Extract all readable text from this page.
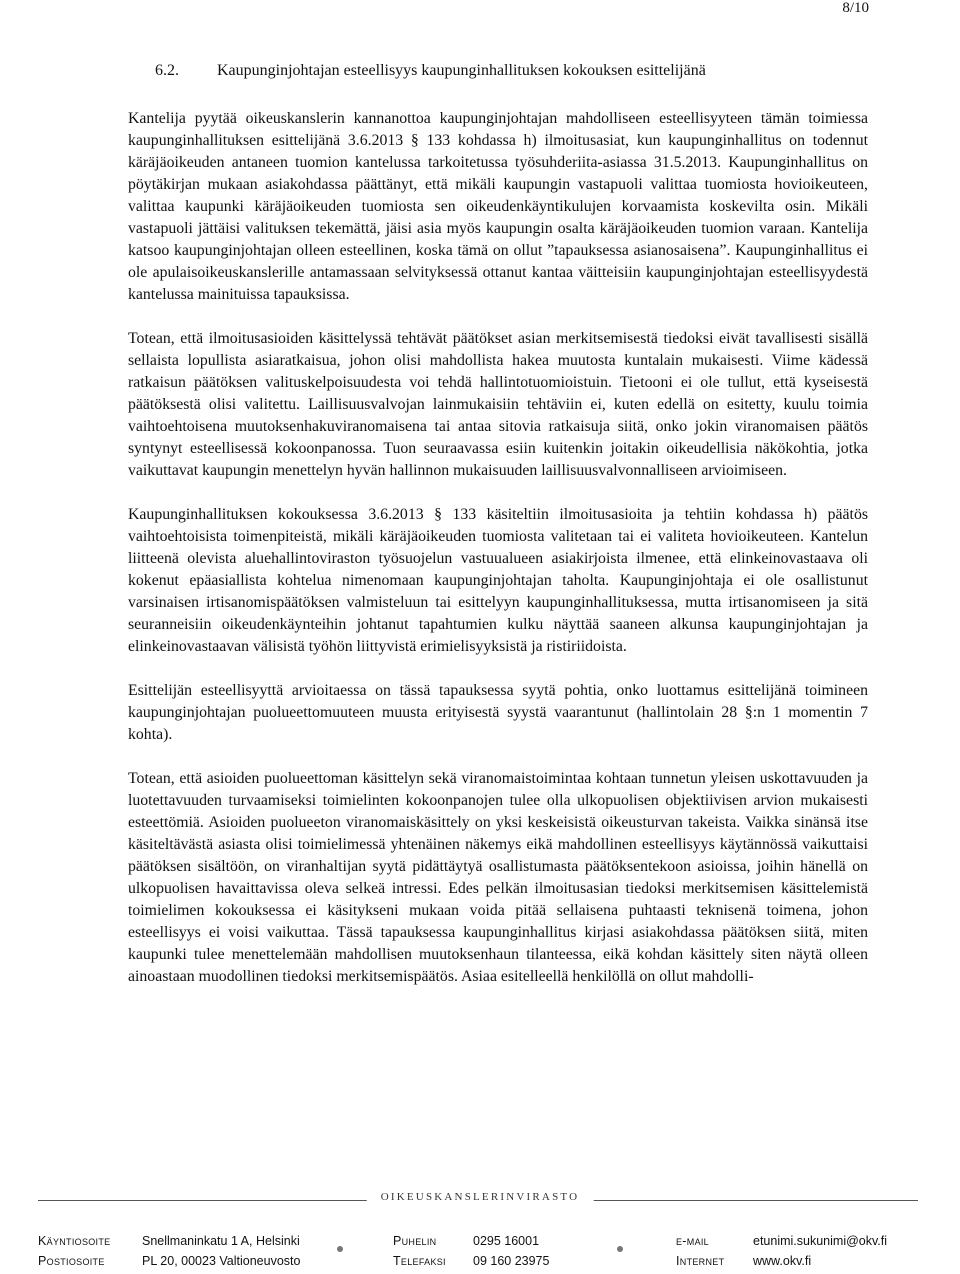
8/10
6.2. Kaupunginjohtajan esteellisyys kaupunginhallituksen kokouksen esittelijänä

Kantelija pyytää oikeuskanslerin kannanottoa kaupunginjohtajan mahdolliseen esteellisyyteen tämän toimiessa kaupunginhallituksen esittelijänä 3.6.2013 § 133 kohdassa h) ilmoitusasiat, kun kaupunginhallitus on todennut käräjäoikeuden antaneen tuomion kantelussa tarkoitetussa työsuhderiita-asiassa 31.5.2013. Kaupunginhallitus on pöytäkirjan mukaan asiakohdassa päättänyt, että mikäli kaupungin vastapuoli valittaa tuomiosta hovioikeuteen, valittaa kaupunki käräjäoikeuden tuomiosta sen oikeudenkäyntikulujen korvaamista koskevilta osin. Mikäli vastapuoli jättäisi valituksen tekemättä, jäisi asia myös kaupungin osalta käräjäoikeuden tuomion varaan. Kantelija katsoo kaupunginjohtajan olleen esteellinen, koska tämä on ollut ”tapauksessa asianosaisena”. Kaupunginhallitus ei ole apulaisoikeuskanslerille antamassaan selvityksessä ottanut kantaa väitteisiin kaupunginjohtajan esteellisyydestä kantelussa mainituissa tapauksissa.

Totean, että ilmoitusasioiden käsittelyssä tehtävät päätökset asian merkitsemisestä tiedoksi eivät tavallisesti sisällä sellaista lopullista asiaratkaisua, johon olisi mahdollista hakea muutosta kuntalain mukaisesti. Viime kädessä ratkaisun päätöksen valituskelpoisuudesta voi tehdä hallintotuomioistuin. Tietooni ei ole tullut, että kyseisestä päätöksestä olisi valitettu. Laillisuusvalvojan lainmukaisiin tehtäviin ei, kuten edellä on esitetty, kuulu toimia vaihtoehtoisena muutoksenhakuviranomaisena tai antaa sitovia ratkaisuja siitä, onko jokin viranomaisen päätös syntynyt esteellisessä kokoonpanossa. Tuon seuraavassa esiin kuitenkin joitakin oikeudellisia näkökohtia, jotka vaikuttavat kaupungin menettelyn hyvän hallinnon mukaisuuden laillisuusvalvonnalliseen arvioimiseen.

Kaupunginhallituksen kokouksessa 3.6.2013 § 133 käsiteltiin ilmoitusasioita ja tehtiin kohdassa h) päätös vaihtoehtoisista toimenpiteistä, mikäli käräjäoikeuden tuomiosta valitetaan tai ei valiteta hovioikeuteen. Kantelun liitteenä olevista aluehallintoviraston työsuojelun vastuualueen asiakirjoista ilmenee, että elinkeinovastaava oli kokenut epäasiallista kohtelua nimenomaan kaupunginjohtajan taholta. Kaupunginjohtaja ei ole osallistunut varsinaisen irtisanomispäätöksen valmisteluun tai esittelyyn kaupunginhallituksessa, mutta irtisanomiseen ja sitä seuranneisiin oikeudenkäynteihin johtanut tapahtumien kulku näyttää saaneen alkunsa kaupunginjohtajan ja elinkeinovastaavan välisistä työhön liittyvistä erimielisyyksistä ja ristiriidoista.

Esittelijän esteellisyyttä arvioitaessa on tässä tapauksessa syytä pohtia, onko luottamus esittelijänä toimineen kaupunginjohtajan puolueettomuuteen muusta erityisestä syystä vaarantunut (hallintolain 28 §:n 1 momentin 7 kohta).

Totean, että asioiden puolueettoman käsittelyn sekä viranomaistoimintaa kohtaan tunnetun yleisen uskottavuuden ja luotettavuuden turvaamiseksi toimielinten kokoonpanojen tulee olla ulkopuolisen objektiivisen arvion mukaisesti esteettömiä. Asioiden puolueeton viranomaiskäsittely on yksi keskeisistä oikeusturvan takeista. Vaikka sinänsä itse käsiteltävästä asiasta olisi toimielimessä yhtenäinen näkemys eikä mahdollinen esteellisyys käytännössä vaikuttaisi päätöksen sisältöön, on viranhaltijan syytä pidättäytyä osallistumasta päätöksentekoon asioissa, joihin hänellä on ulkopuolisen havaittavissa oleva selkeä intressi. Edes pelkän ilmoitusasian tiedoksi merkitsemisen käsittelemistä toimielimen kokouksessa ei käsitykseni mukaan voida pitää sellaisena puhtaasti teknisenä toimena, johon esteellisyys ei voisi vaikuttaa. Tässä tapauksessa kaupunginhallitus kirjasi asiakohdassa päätöksen siitä, miten kaupunki tulee menettelemään mahdollisen muutoksenhaun tilanteessa, eikä kohdan käsittely siten näytä olleen ainoastaan muodollinen tiedoksi merkitsemispäätös. Asiaa esitelleellä henkilöllä on ollut mahdolli-

OIKEUSKANSLERINVIRASTO
Käyntiosoite	Snellmaninkatu 1 A, Helsinki	Puhelin	0295 16001	e-mail	etunimi.sukunimi@okv.fi
Postiosoite	PL 20, 00023 Valtioneuvosto	Telefaksi 09 160 23975	Internet www.okv.fi
